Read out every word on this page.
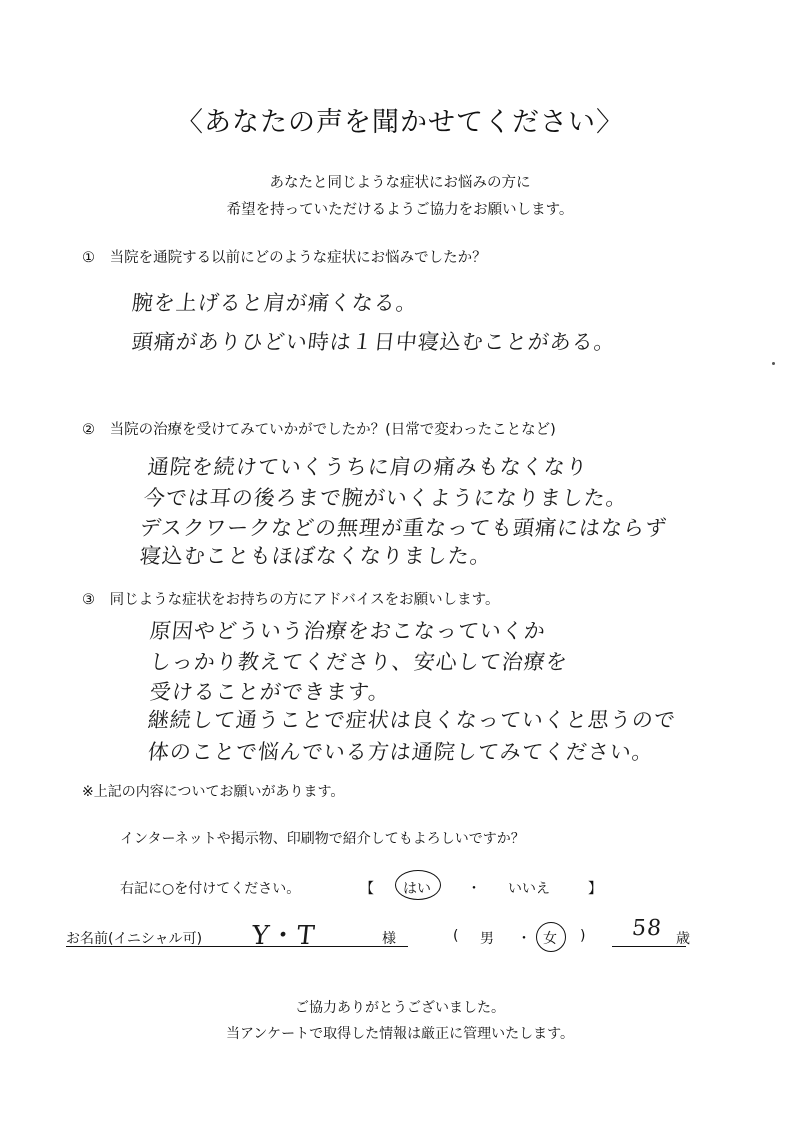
〈あなたの声を聞かせてください〉
あなたと同じような症状にお悩みの方に
希望を持っていただけるようご協力をお願いします。
① 当院を通院する以前にどのような症状にお悩みでしたか？
腕を上げると肩が痛くなる。
頭痛がありひどい時は１日中寝込むことがある。
② 当院の治療を受けてみていかがでしたか？(日常で変わったことなど)
通院を続けていくうちに肩の痛みもなくなり
今では耳の後ろまで腕がいくようになりました。
デスクワークなどの無理が重なっても頭痛にはならず
寝込むこともほぼなくなりました。
③ 同じような症状をお持ちの方にアドバイスをお願いします。
原因やどういう治療をおこなっていくか
しっかり教えてくださり、安心して治療を
受けることができます。
継続して通うことで症状は良くなっていくと思うので
体のことで悩んでいる方は通院してみてください。
※上記の内容についてお願いがあります。
インターネットや掲示物、印刷物で紹介してもよろしいですか？
右記に○を付けてください。	【 はい	・ いいえ	】
お名前(イニシャル可) Y・T	様	( 男 ・ 女 ) 58 歳
ご協力ありがとうございました。
当アンケートで取得した情報は厳正に管理いたします。
